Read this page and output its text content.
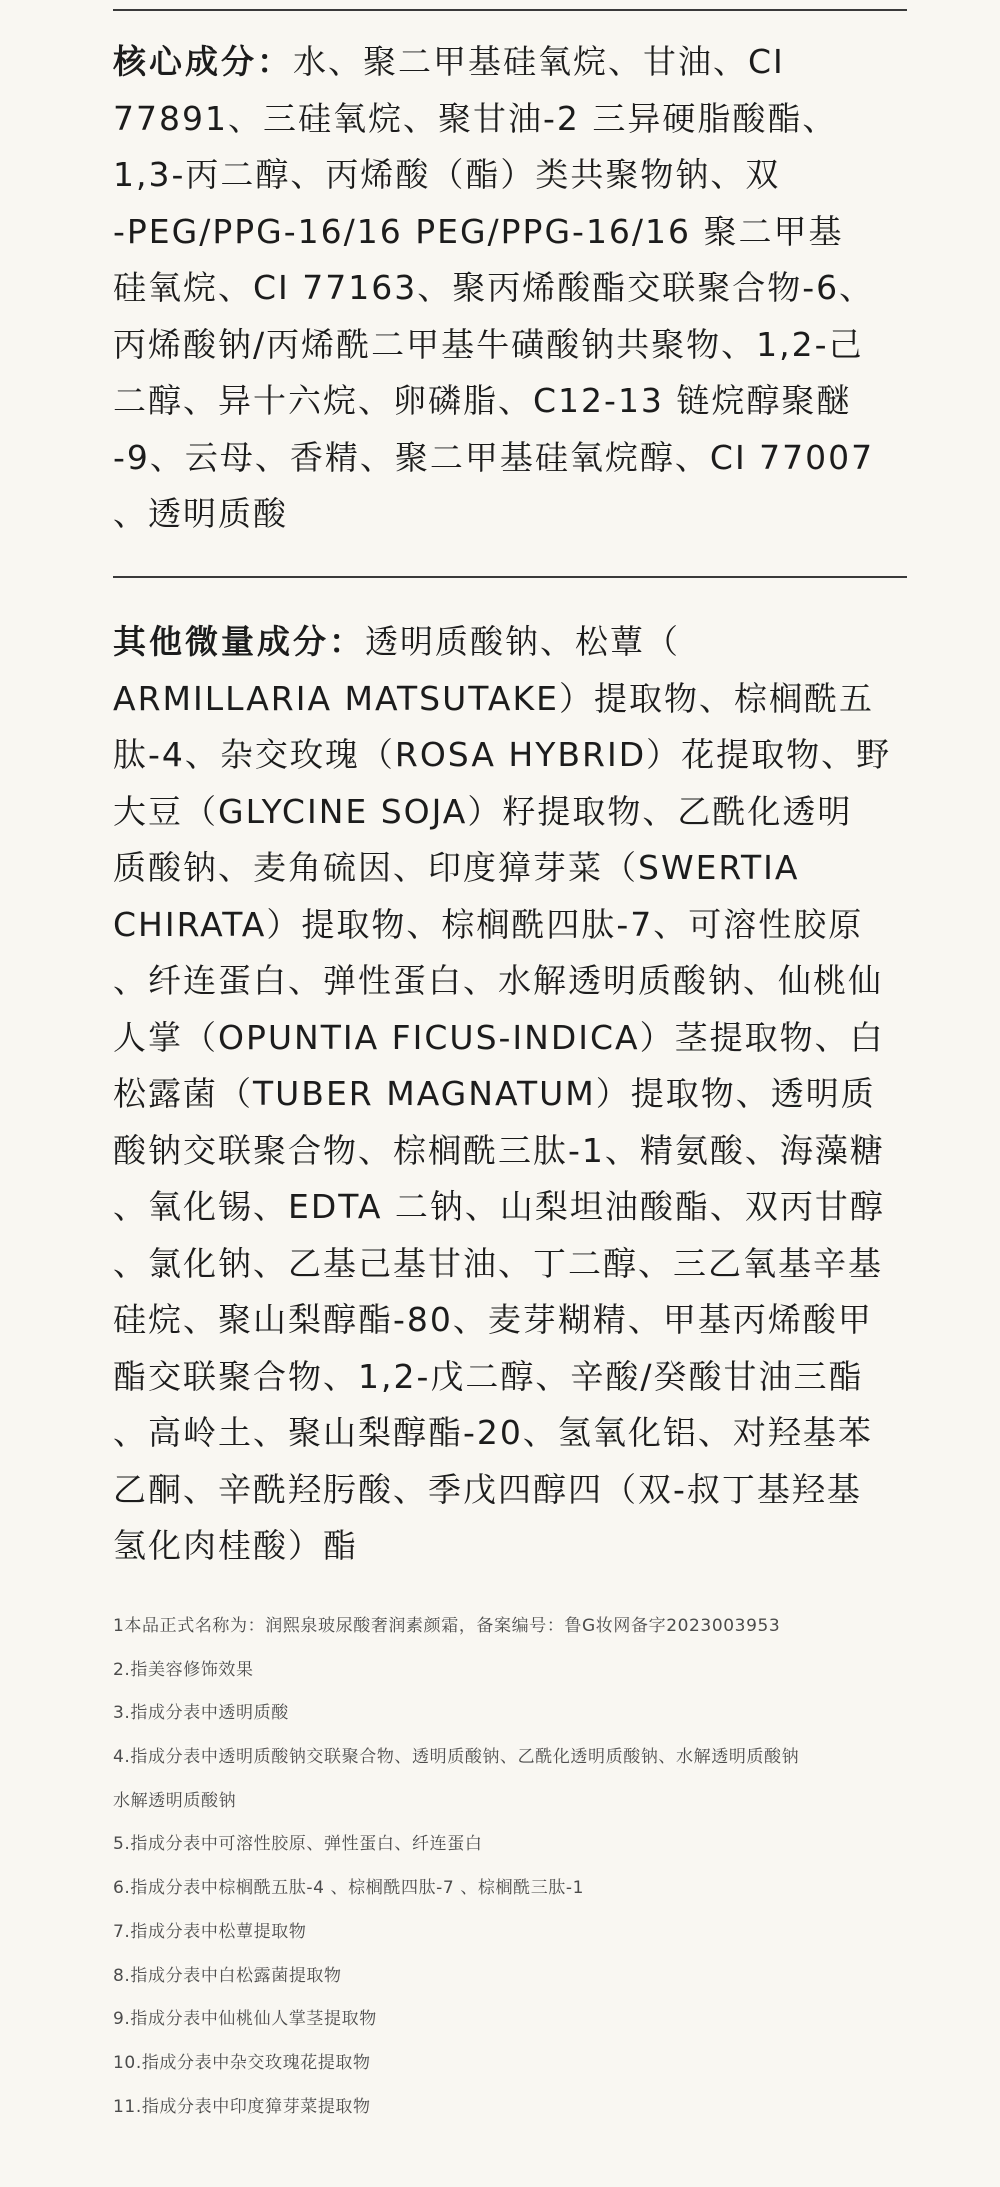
核心成分：水、聚二甲基硅氧烷、甘油、CI
77891、三硅氧烷、聚甘油-2 三异硬脂酸酯、
1,3-丙二醇、丙烯酸（酯）类共聚物钠、双
-PEG/PPG-16/16 PEG/PPG-16/16 聚二甲基
硅氧烷、CI 77163、聚丙烯酸酯交联聚合物-6、
丙烯酸钠/丙烯酰二甲基牛磺酸钠共聚物、1,2-己
二醇、异十六烷、卵磷脂、C12-13 链烷醇聚醚
-9、云母、香精、聚二甲基硅氧烷醇、CI 77007
、透明质酸
其他微量成分：透明质酸钠、松蕈（
ARMILLARIA MATSUTAKE）提取物、棕榈酰五
肽-4、杂交玫瑰（ROSA HYBRID）花提取物、野
大豆（GLYCINE SOJA）籽提取物、乙酰化透明
质酸钠、麦角硫因、印度獐芽菜（SWERTIA
CHIRATA）提取物、棕榈酰四肽-7、可溶性胶原
、纤连蛋白、弹性蛋白、水解透明质酸钠、仙桃仙
人掌（OPUNTIA FICUS-INDICA）茎提取物、白
松露菌（TUBER MAGNATUM）提取物、透明质
酸钠交联聚合物、棕榈酰三肽-1、精氨酸、海藻糖
、氧化锡、EDTA 二钠、山梨坦油酸酯、双丙甘醇
、氯化钠、乙基己基甘油、丁二醇、三乙氧基辛基
硅烷、聚山梨醇酯-80、麦芽糊精、甲基丙烯酸甲
酯交联聚合物、1,2-戊二醇、辛酸/癸酸甘油三酯
、高岭土、聚山梨醇酯-20、氢氧化铝、对羟基苯
乙酮、辛酰羟肟酸、季戊四醇四（双-叔丁基羟基
氢化肉桂酸）酯
1本品正式名称为：润熙泉玻尿酸奢润素颜霜，备案编号：鲁G妆网备字2023003953
2.指美容修饰效果
3.指成分表中透明质酸
4.指成分表中透明质酸钠交联聚合物、透明质酸钠、乙酰化透明质酸钠、水解透明质酸钠
水解透明质酸钠
5.指成分表中可溶性胶原、弹性蛋白、纤连蛋白
6.指成分表中棕榈酰五肽-4 、棕榈酰四肽-7 、棕榈酰三肽-1
7.指成分表中松蕈提取物
8.指成分表中白松露菌提取物
9.指成分表中仙桃仙人掌茎提取物
10.指成分表中杂交玫瑰花提取物
11.指成分表中印度獐芽菜提取物
